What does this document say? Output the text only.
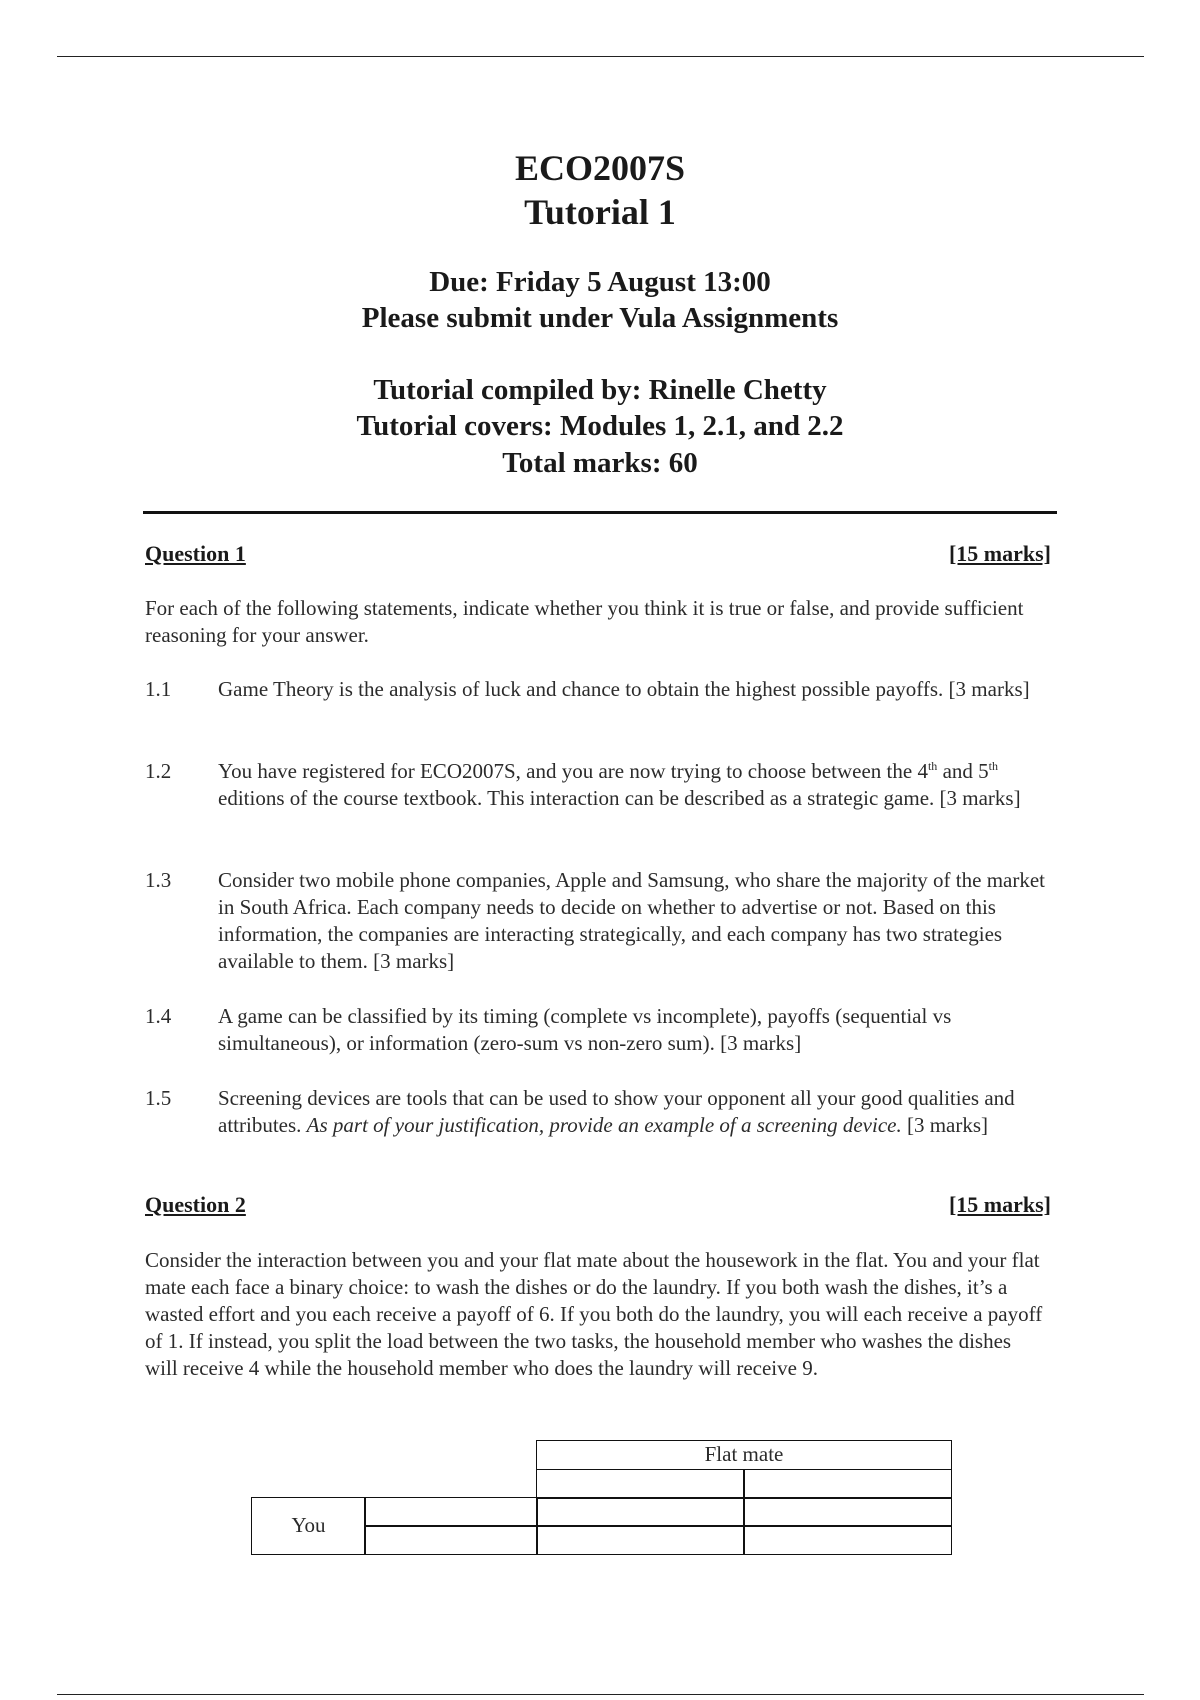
ECO2007S
Tutorial 1
Due: Friday 5 August 13:00
Please submit under Vula Assignments
Tutorial compiled by: Rinelle Chetty
Tutorial covers: Modules 1, 2.1, and 2.2
Total marks: 60
Question 1	[15 marks]
For each of the following statements, indicate whether you think it is true or false, and provide sufficient reasoning for your answer.
1.1	Game Theory is the analysis of luck and chance to obtain the highest possible payoffs. [3 marks]
1.2	You have registered for ECO2007S, and you are now trying to choose between the 4th and 5th editions of the course textbook. This interaction can be described as a strategic game. [3 marks]
1.3	Consider two mobile phone companies, Apple and Samsung, who share the majority of the market in South Africa. Each company needs to decide on whether to advertise or not. Based on this information, the companies are interacting strategically, and each company has two strategies available to them. [3 marks]
1.4	A game can be classified by its timing (complete vs incomplete), payoffs (sequential vs simultaneous), or information (zero-sum vs non-zero sum). [3 marks]
1.5	Screening devices are tools that can be used to show your opponent all your good qualities and attributes. As part of your justification, provide an example of a screening device. [3 marks]
Question 2	[15 marks]
Consider the interaction between you and your flat mate about the housework in the flat. You and your flat mate each face a binary choice: to wash the dishes or do the laundry. If you both wash the dishes, it’s a wasted effort and you each receive a payoff of 6. If you both do the laundry, you will each receive a payoff of 1. If instead, you split the load between the two tasks, the household member who washes the dishes will receive 4 while the household member who does the laundry will receive 9.
Flat mate
You
